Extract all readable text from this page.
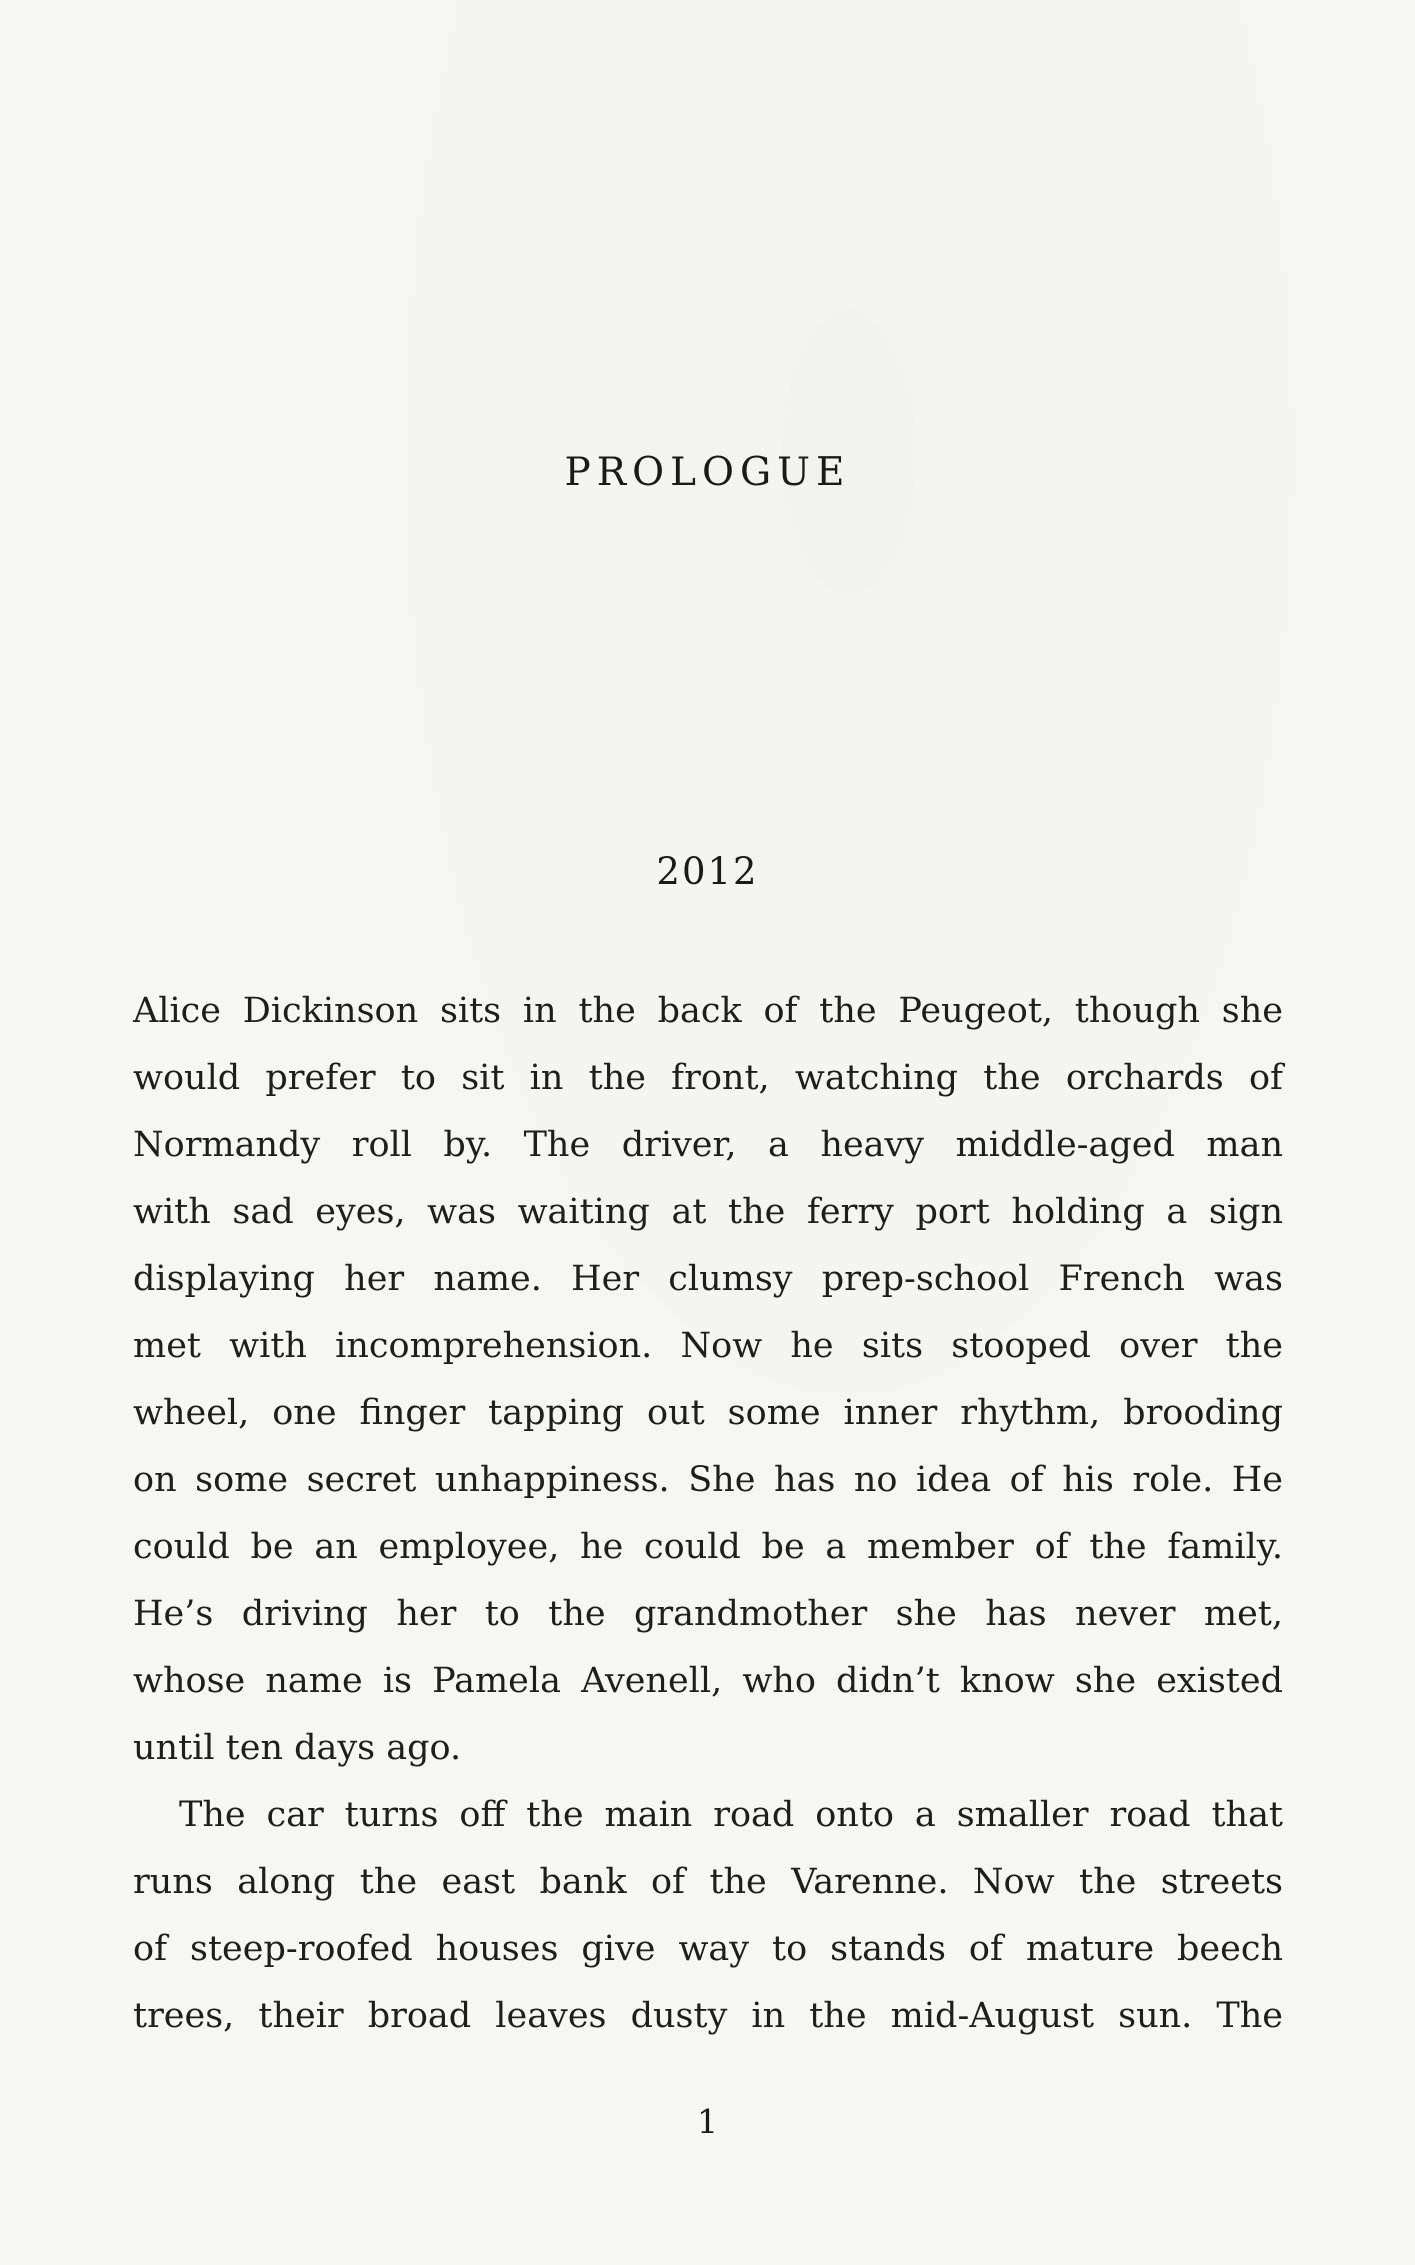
PROLOGUE
2012
Alice Dickinson sits in the back of the Peugeot, though she
would prefer to sit in the front, watching the orchards of
Normandy roll by. The driver, a heavy middle-aged man
with sad eyes, was waiting at the ferry port holding a sign
displaying her name. Her clumsy prep-school French was
met with incomprehension. Now he sits stooped over the
wheel, one finger tapping out some inner rhythm, brooding
on some secret unhappiness. She has no idea of his role. He
could be an employee, he could be a member of the family.
He’s driving her to the grandmother she has never met,
whose name is Pamela Avenell, who didn’t know she existed
until ten days ago.
The car turns off the main road onto a smaller road that
runs along the east bank of the Varenne. Now the streets
of steep-roofed houses give way to stands of mature beech
trees, their broad leaves dusty in the mid-August sun. The
1
